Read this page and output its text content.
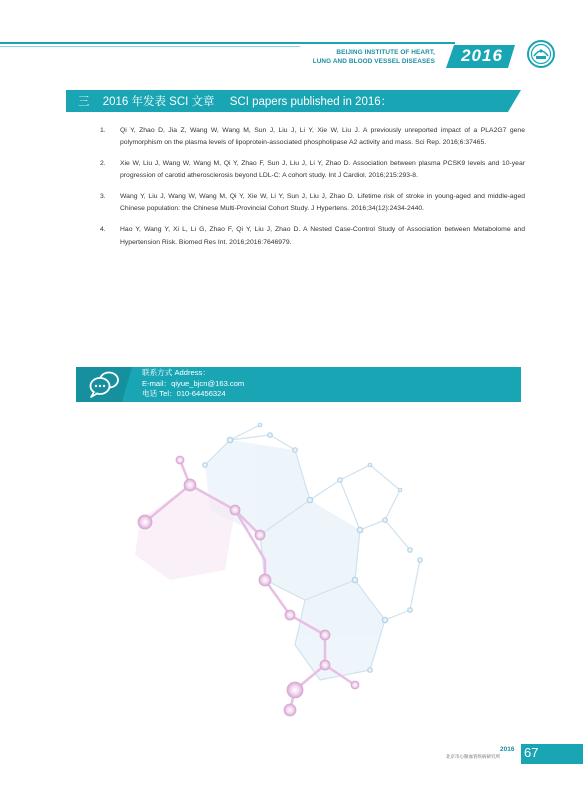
BEIJING INSTITUTE OF HEART,
LUNG AND BLOOD VESSEL DISEASES	2016
三 2016 年发表 SCI 文章 SCI papers published in 2016：
1.	Qi Y, Zhao D, Jia Z, Wang W, Wang M, Sun J, Liu J, Li Y, Xie W, Liu J. A previously unreported impact of a PLA2G7 gene polymorphism on the plasma levels of lipoprotein-associated phospholipase A2 activity and mass. Sci Rep. 2016;6:37465.
2.	Xie W, Liu J, Wang W, Wang M, Qi Y, Zhao F, Sun J, Liu J, Li Y, Zhao D. Association between plasma PCSK9 levels and 10-year progression of carotid atherosclerosis beyond LDL-C: A cohort study. Int J Cardiol. 2016;215:293-8.
3.	Wang Y, Liu J, Wang W, Wang M, Qi Y, Xie W, Li Y, Sun J, Liu J, Zhao D. Lifetime risk of stroke in young-aged and middle-aged Chinese population: the Chinese Multi-Provincial Cohort Study. J Hypertens. 2016;34(12):2434-2440.
4.	Hao Y, Wang Y, Xi L, Li G, Zhao F, Qi Y, Liu J, Zhao D. A Nested Case-Control Study of Association between Metabolome and Hypertension Risk. Biomed Res Int. 2016;2016:7646979.
联系方式 Address：
E-mail：qiyue_bjcn@163.com
电话 Tel：010-64456324
2016
北京市心肺血管疾病研究所 67
